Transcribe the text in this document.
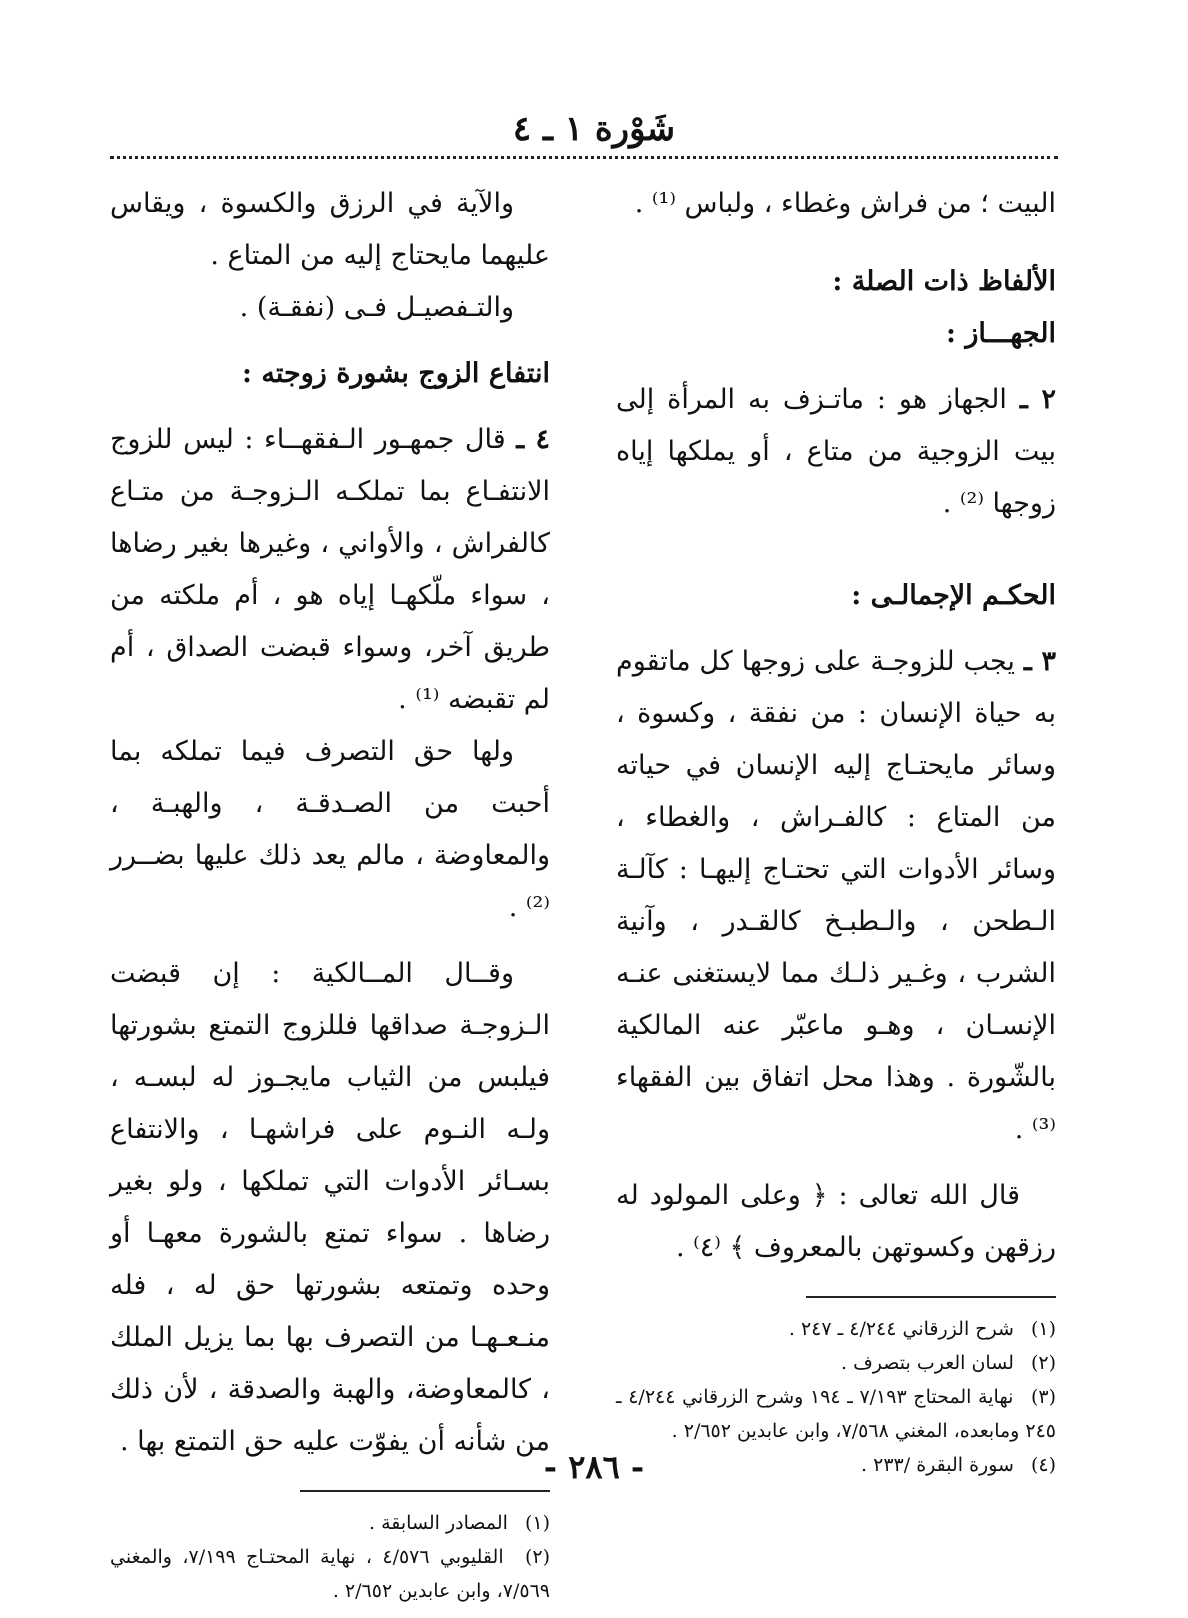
شَوْرة ١ ـ ٤

البيت ؛ من فراش وغطاء ، ولباس ⁽¹⁾ .

الألفاظ ذات الصلة :

الجهـــاز :

٢ ـ الجهاز هو : ماتـزف به المرأة إلى بيت الزوجية من متاع ، أو يملكها إياه زوجها ⁽²⁾ .

الحكـم الإجمالـى :

٣ ـ يجب للزوجـة على زوجها كل ماتقوم به حياة الإنسان : من نفقة ، وكسوة ، وسائر مايحتـاج إليه الإنسان في حياته من المتاع : كالفـراش ، والغطاء ، وسائر الأدوات التي تحتـاج إليهـا : كآلـة الـطحن ، والـطبـخ كالقـدر ، وآنية الشرب ، وغـير ذلـك مما لايستغنى عنـه الإنسـان ، وهـو ماعبّر عنه المالكية بالشّورة . وهذا محل اتفاق بين الفقهاء ⁽³⁾ .

قال الله تعالى : ﴿ وعلى المولود له رزقهن وكسوتهن بالمعروف ﴾ ⁽٤⁾ .

(١) شرح الزرقاني ٤/٢٤٤ ـ ٢٤٧ .

(٢) لسان العرب بتصرف .

(٣) نهاية المحتاج ٧/١٩٣ ـ ١٩٤ وشرح الزرقاني ٤/٢٤٤ ـ ٢٤٥ ومابعده، المغني ٧/٥٦٨، وابن عابدين ٢/٦٥٢ .

(٤) سورة البقرة /٢٣٣ .

والآية في الرزق والكسوة ، ويقاس عليهما مايحتاج إليه من المتاع .

والتـفصيـل فـى (نفقـة) .

انتفاع الزوج بشورة زوجته :

٤ ـ قال جمهـور الـفقهــاء : ليس للزوج الانتفـاع بما تملكـه الـزوجـة من متـاع كالفراش ، والأواني ، وغيرها بغير رضاها ، سواء ملّكهـا إياه هو ، أم ملكته من طريق آخر، وسواء قبضت الصداق ، أم لم تقبضه ⁽¹⁾ .

ولها حق التصرف فيما تملكه بما أحبت من الصـدقـة ، والهبـة ، والمعاوضة ، مالم يعد ذلك عليها بضــرر ⁽²⁾ .

وقــال المــالكية : إن قبضت الـزوجـة صداقها فللزوج التمتع بشورتها فيلبس من الثياب مايجـوز له لبسـه ، ولـه النـوم على فراشهـا ، والانتفاع بسـائر الأدوات التي تملكها ، ولو بغير رضاها . سواء تمتع بالشورة معهـا أو وحده وتمتعه بشورتها حق له ، فله منـعـهـا من التصرف بها بما يزيل الملك ، كالمعاوضة، والهبة والصدقة ، لأن ذلك من شأنه أن يفوّت عليه حق التمتع بها .

(١) المصادر السابقة .

(٢) القليوبي ٤/٥٧٦ ، نهاية المحتـاج ٧/١٩٩، والمغني ٧/٥٦٩، وابن عابدين ٢/٦٥٢ .

- ٢٨٦ -
